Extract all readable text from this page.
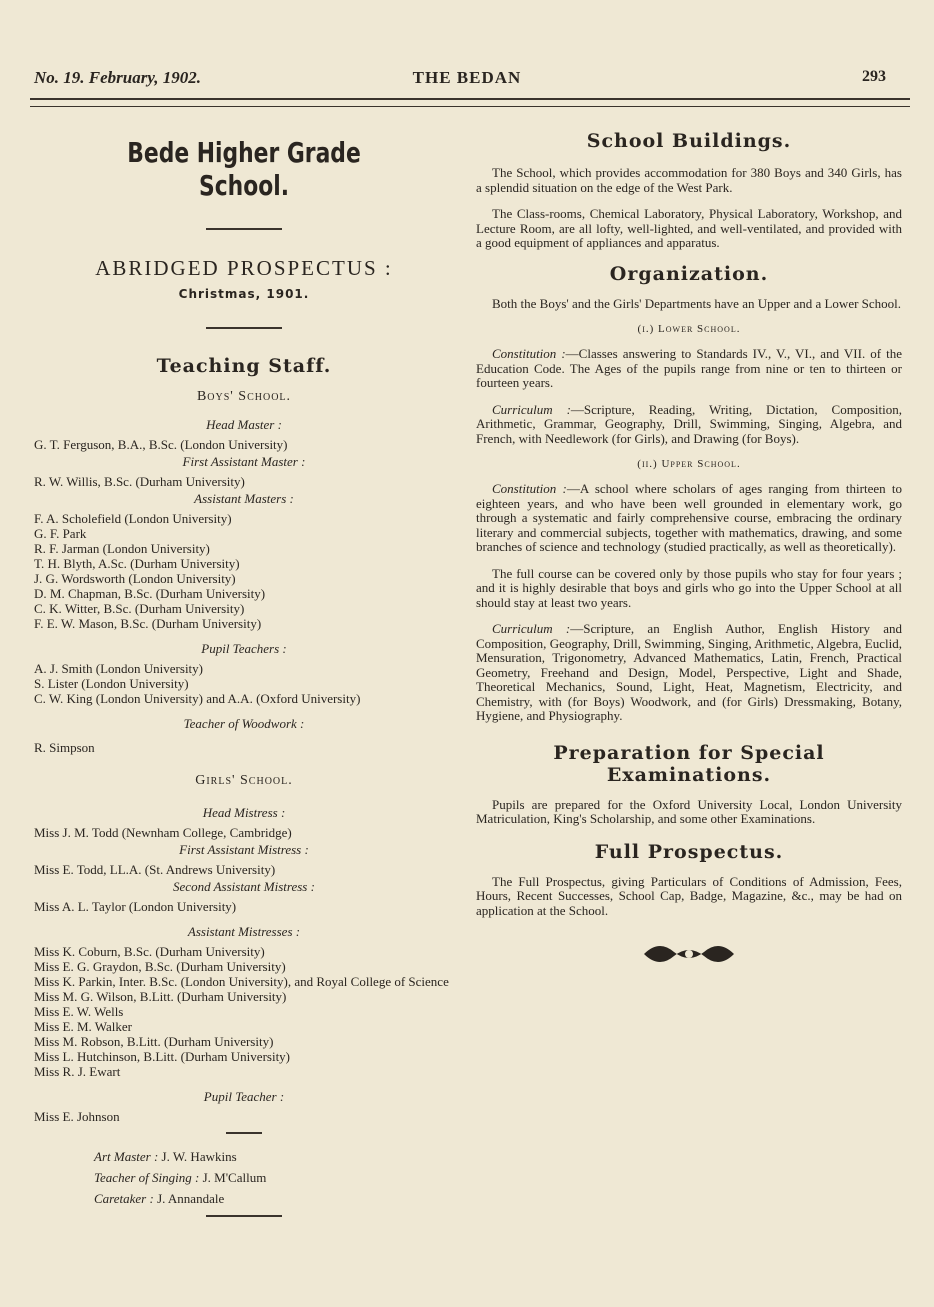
No. 19. February, 1902.	THE BEDAN	293
Bede Higher Grade School.
ABRIDGED PROSPECTUS :
Christmas, 1901.
Teaching Staff.
Boys' School.
Head Master :
G. T. Ferguson, B.A., B.Sc. (London University)
First Assistant Master :
R. W. Willis, B.Sc. (Durham University)
Assistant Masters :

F. A. Scholefield (London University)

G. F. Park

R. F. Jarman (London University)

T. H. Blyth, A.Sc. (Durham University)

J. G. Wordsworth (London University)

D. M. Chapman, B.Sc. (Durham University)

C. K. Witter, B.Sc. (Durham University)

F. E. W. Mason, B.Sc. (Durham University)

Pupil Teachers :

A. J. Smith (London University)

S. Lister (London University)

C. W. King (London University) and A.A. (Oxford University)

Teacher of Woodwork :
R. Simpson
Girls' School.
Head Mistress :
Miss J. M. Todd (Newnham College, Cambridge)
First Assistant Mistress :
Miss E. Todd, LL.A. (St. Andrews University)
Second Assistant Mistress :
Miss A. L. Taylor (London University)
Assistant Mistresses :

Miss K. Coburn, B.Sc. (Durham University)

Miss E. G. Graydon, B.Sc. (Durham University)

Miss K. Parkin, Inter. B.Sc. (London University), and Royal College of Science

Miss M. G. Wilson, B.Litt. (Durham University)

Miss E. W. Wells

Miss E. M. Walker

Miss M. Robson, B.Litt. (Durham University)

Miss L. Hutchinson, B.Litt. (Durham University)

Miss R. J. Ewart

Pupil Teacher :
Miss E. Johnson
Art Master : J. W. Hawkins
Teacher of Singing : J. M'Callum
Caretaker : J. Annandale
School Buildings.

The School, which provides accommodation for 380 Boys and 340 Girls, has a splendid situation on the edge of the West Park.

The Class-rooms, Chemical Laboratory, Physical Laboratory, Workshop, and Lecture Room, are all lofty, well-lighted, and well-ventilated, and provided with a good equipment of appliances and apparatus.

Organization.

Both the Boys' and the Girls' Departments have an Upper and a Lower School.

(i.) Lower School.

Constitution :—Classes answering to Standards IV., V., VI., and VII. of the Education Code. The Ages of the pupils range from nine or ten to thirteen or fourteen years.

Curriculum :—Scripture, Reading, Writing, Dictation, Composition, Arithmetic, Grammar, Geography, Drill, Swimming, Singing, Algebra, and French, with Needlework (for Girls), and Drawing (for Boys).

(ii.) Upper School.

Constitution :—A school where scholars of ages ranging from thirteen to eighteen years, and who have been well grounded in elementary work, go through a systematic and fairly comprehensive course, embracing the ordinary literary and commercial subjects, together with mathematics, drawing, and some branches of science and technology (studied practically, as well as theoretically).

The full course can be covered only by those pupils who stay for four years ; and it is highly desirable that boys and girls who go into the Upper School at all should stay at least two years.

Curriculum :—Scripture, an English Author, English History and Composition, Geography, Drill, Swimming, Singing, Arithmetic, Algebra, Euclid, Mensuration, Trigonometry, Advanced Mathematics, Latin, French, Practical Geometry, Freehand and Design, Model, Perspective, Light and Shade, Theoretical Mechanics, Sound, Light, Heat, Magnetism, Electricity, and Chemistry, with (for Boys) Woodwork, and (for Girls) Dressmaking, Botany, Hygiene, and Physiography.

Preparation for Special Examinations.

Pupils are prepared for the Oxford University Local, London University Matriculation, King's Scholarship, and some other Examinations.

Full Prospectus.

The Full Prospectus, giving Particulars of Conditions of Admission, Fees, Hours, Recent Successes, School Cap, Badge, Magazine, &c., may be had on application at the School.
